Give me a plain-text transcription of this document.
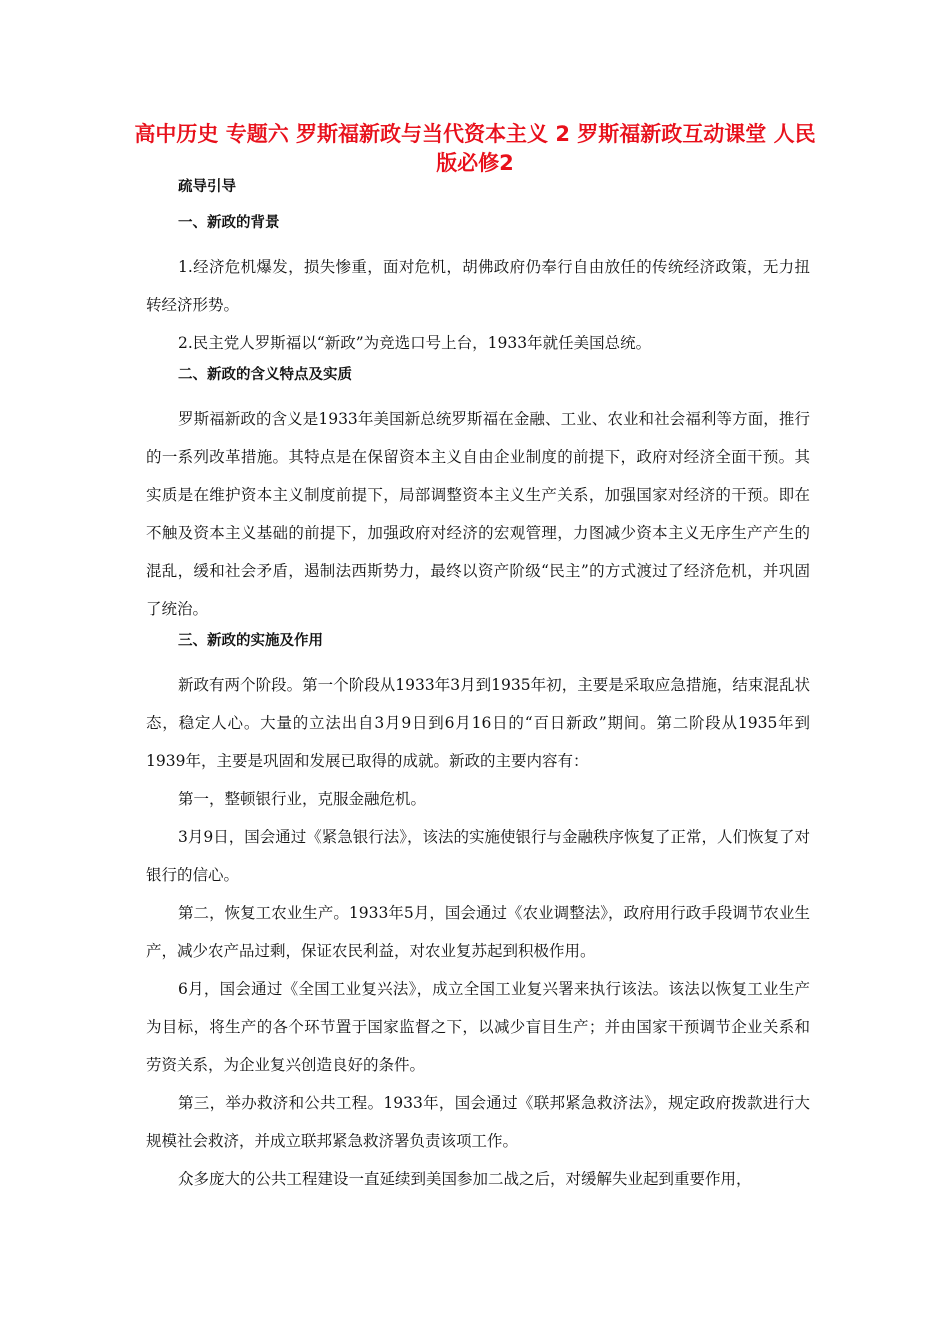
高中历史 专题六 罗斯福新政与当代资本主义 2 罗斯福新政互动课堂 人民版必修2
疏导引导
一、新政的背景

1.经济危机爆发，损失惨重，面对危机，胡佛政府仍奉行自由放任的传统经济政策，无力扭转经济形势。

2.民主党人罗斯福以“新政”为竞选口号上台，1933年就任美国总统。

二、新政的含义特点及实质

罗斯福新政的含义是1933年美国新总统罗斯福在金融、工业、农业和社会福利等方面，推行的一系列改革措施。其特点是在保留资本主义自由企业制度的前提下，政府对经济全面干预。其实质是在维护资本主义制度前提下，局部调整资本主义生产关系，加强国家对经济的干预。即在不触及资本主义基础的前提下，加强政府对经济的宏观管理，力图减少资本主义无序生产产生的混乱，缓和社会矛盾，遏制法西斯势力，最终以资产阶级“民主”的方式渡过了经济危机，并巩固了统治。

三、新政的实施及作用

新政有两个阶段。第一个阶段从1933年3月到1935年初，主要是采取应急措施，结束混乱状态，稳定人心。大量的立法出自3月9日到6月16日的“百日新政”期间。第二阶段从1935年到1939年，主要是巩固和发展已取得的成就。新政的主要内容有：

第一，整顿银行业，克服金融危机。

3月9日，国会通过《紧急银行法》，该法的实施使银行与金融秩序恢复了正常，人们恢复了对银行的信心。

第二，恢复工农业生产。1933年5月，国会通过《农业调整法》，政府用行政手段调节农业生产，减少农产品过剩，保证农民利益，对农业复苏起到积极作用。

6月，国会通过《全国工业复兴法》，成立全国工业复兴署来执行该法。该法以恢复工业生产为目标，将生产的各个环节置于国家监督之下，以减少盲目生产；并由国家干预调节企业关系和劳资关系，为企业复兴创造良好的条件。

第三，举办救济和公共工程。1933年，国会通过《联邦紧急救济法》，规定政府拨款进行大规模社会救济，并成立联邦紧急救济署负责该项工作。

众多庞大的公共工程建设一直延续到美国参加二战之后，对缓解失业起到重要作用，
